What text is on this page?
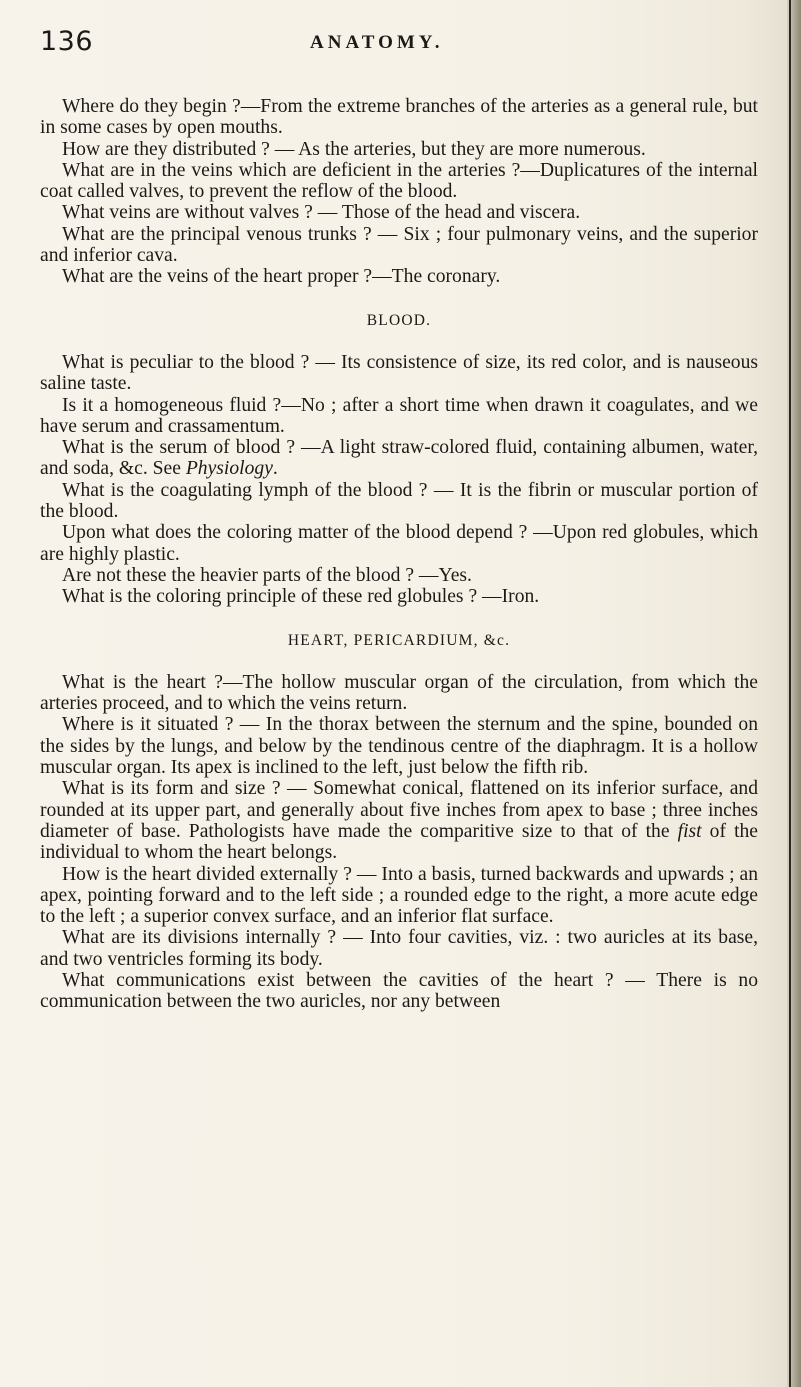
136	ANATOMY.

Where do they begin ?—From the extreme branches of the arteries as a general rule, but in some cases by open mouths.

How are they distributed ? — As the arteries, but they are more numerous.

What are in the veins which are deficient in the arteries ?—Duplicatures of the internal coat called valves, to prevent the reflow of the blood.

What veins are without valves ? — Those of the head and viscera.

What are the principal venous trunks ? — Six ; four pulmonary veins, and the superior and inferior cava.

What are the veins of the heart proper ?—The coronary.

BLOOD.

What is peculiar to the blood ? — Its consistence of size, its red color, and is nauseous saline taste.

Is it a homogeneous fluid ?—No ; after a short time when drawn it coagulates, and we have serum and crassamentum.

What is the serum of blood ? —A light straw-colored fluid, containing albumen, water, and soda, &c. See Physiology.

What is the coagulating lymph of the blood ? — It is the fibrin or muscular portion of the blood.

Upon what does the coloring matter of the blood depend ? —Upon red globules, which are highly plastic.

Are not these the heavier parts of the blood ? —Yes.

What is the coloring principle of these red globules ? —Iron.

HEART, PERICARDIUM, &c.

What is the heart ?—The hollow muscular organ of the circulation, from which the arteries proceed, and to which the veins return.

Where is it situated ? — In the thorax between the sternum and the spine, bounded on the sides by the lungs, and below by the tendinous centre of the diaphragm. It is a hollow muscular organ. Its apex is inclined to the left, just below the fifth rib.

What is its form and size ? — Somewhat conical, flattened on its inferior surface, and rounded at its upper part, and generally about five inches from apex to base ; three inches diameter of base. Pathologists have made the comparitive size to that of the fist of the individual to whom the heart belongs.

How is the heart divided externally ? — Into a basis, turned backwards and upwards ; an apex, pointing forward and to the left side ; a rounded edge to the right, a more acute edge to the left ; a superior convex surface, and an inferior flat surface.

What are its divisions internally ? — Into four cavities, viz. : two auricles at its base, and two ventricles forming its body.

What communications exist between the cavities of the heart ? — There is no communication between the two auricles, nor any between
